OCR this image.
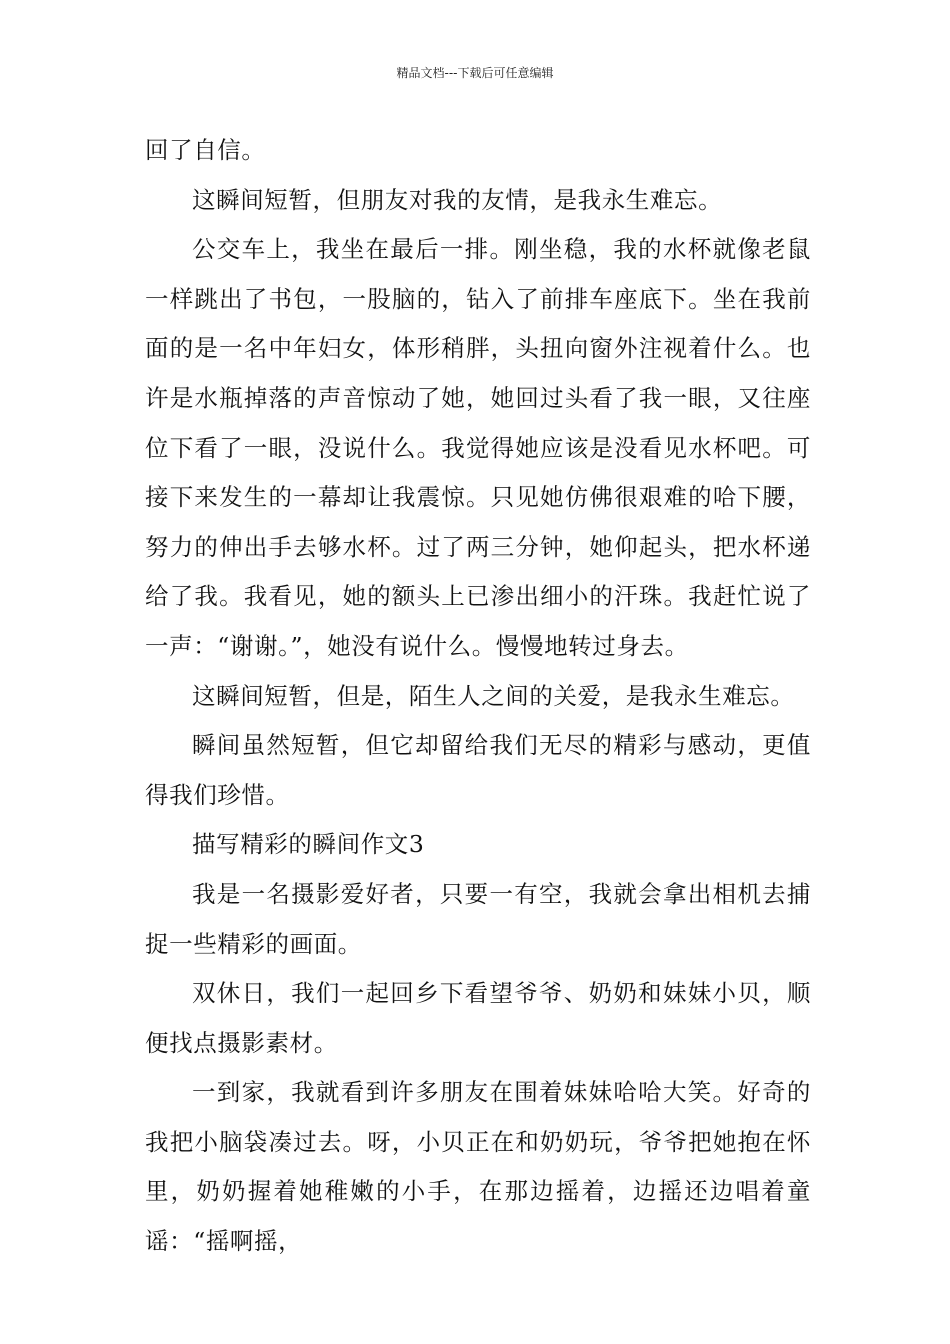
精品文档---下载后可任意编辑

回了自信。

这瞬间短暂，但朋友对我的友情，是我永生难忘。

公交车上，我坐在最后一排。刚坐稳，我的水杯就像老鼠一样跳出了书包，一股脑的，钻入了前排车座底下。坐在我前面的是一名中年妇女，体形稍胖，头扭向窗外注视着什么。也许是水瓶掉落的声音惊动了她，她回过头看了我一眼，又往座位下看了一眼，没说什么。我觉得她应该是没看见水杯吧。可接下来发生的一幕却让我震惊。只见她仿佛很艰难的哈下腰，努力的伸出手去够水杯。过了两三分钟，她仰起头，把水杯递给了我。我看见，她的额头上已渗出细小的汗珠。我赶忙说了一声：“谢谢。”，她没有说什么。慢慢地转过身去。

这瞬间短暂，但是，陌生人之间的关爱，是我永生难忘。

瞬间虽然短暂，但它却留给我们无尽的精彩与感动，更值得我们珍惜。

描写精彩的瞬间作文3

我是一名摄影爱好者，只要一有空，我就会拿出相机去捕捉一些精彩的画面。

双休日，我们一起回乡下看望爷爷、奶奶和妹妹小贝，顺便找点摄影素材。

一到家，我就看到许多朋友在围着妹妹哈哈大笑。好奇的我把小脑袋凑过去。呀，小贝正在和奶奶玩，爷爷把她抱在怀里，奶奶握着她稚嫩的小手，在那边摇着，边摇还边唱着童谣：“摇啊摇，
